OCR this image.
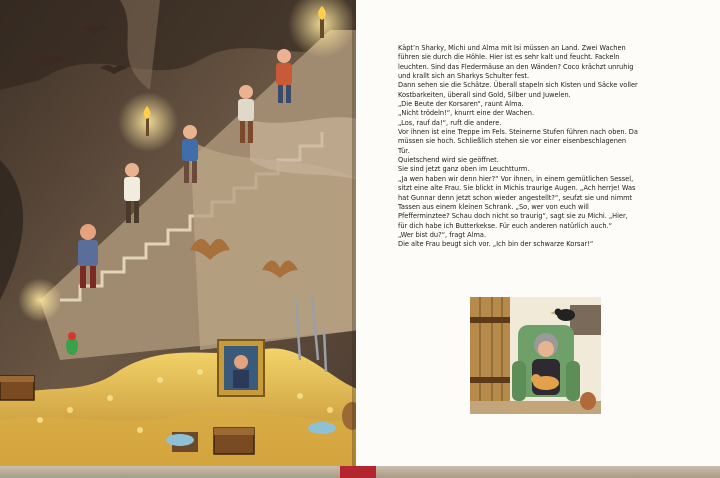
Käpt’n Sharky, Michi und Alma mit Isi müssen an Land. Zwei Wachen führen sie durch die Höhle. Hier ist es sehr kalt und feucht. Fackeln leuchten. Sind das Fledermäuse an den Wänden? Coco krächzt unruhig und krallt sich an Sharkys Schulter fest.

Dann sehen sie die Schätze. Überall stapeln sich Kisten und Säcke voller Kostbarkeiten, überall sind Gold, Silber und Juwelen.

„Die Beute der Korsaren“, raunt Alma.

„Nicht trödeln!“, knurrt eine der Wachen.

„Los, rauf da!“, ruft die andere.

Vor ihnen ist eine Treppe im Fels. Steinerne Stufen führen nach oben. Da müssen sie hoch. Schließlich stehen sie vor einer eisenbeschlagenen Tür.

Quietschend wird sie geöffnet.

Sie sind jetzt ganz oben im Leuchtturm.

„Ja wen haben wir denn hier?“ Vor ihnen, in einem gemütlichen Sessel, sitzt eine alte Frau. Sie blickt in Michis traurige Augen. „Ach herrje! Was hat Gunnar denn jetzt schon wieder angestellt?“, seufzt sie und nimmt Tassen aus einem kleinen Schrank. „So, wer von euch will Pfefferminztee? Schau doch nicht so traurig“, sagt sie zu Michi. „Hier, für dich habe ich Butterkekse. Für euch anderen natürlich auch.“

„Wer bist du?“, fragt Alma.

Die alte Frau beugt sich vor. „Ich bin der schwarze Korsar!“
